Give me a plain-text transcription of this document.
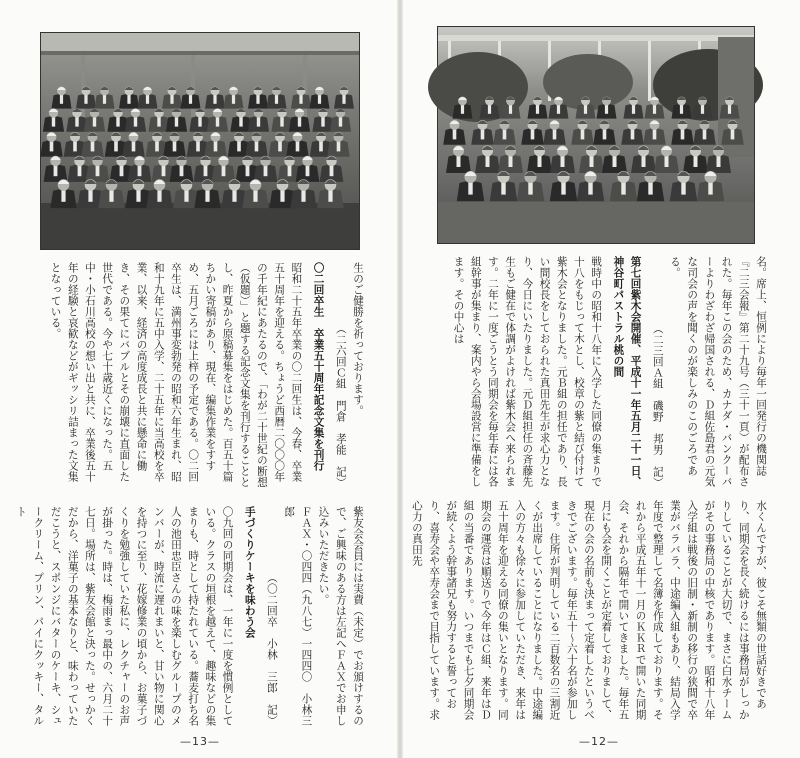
生のご健勝を祈っております。

（二六回Ｃ組　門倉　孝能　記）

〇二回卒生　卒業五十周年記念文集を刊行

昭和二十五年卒業の〇二回生は、今春、卒業五十周年を迎える。ちょうど西暦二〇〇〇年の千年紀にあたるので、「わが二十世紀の断想（仮題）」と題する記念文集を刊行することとし、昨夏から原稿募集をはじめた。百五十篇ちかい寄稿があり、現在、編集作業をすすめ、五月ごろには上梓の予定である。〇二回卒生は、満州事変勃発の昭和六年生まれ、昭和十九年に五中入学、二十五年に当高校を卒業、以来、経済の高度成長と共に懸命に働き、その果てにバブルとその崩壊に直面した世代である。今や七十歳近くになった。五中・小石川高校の想い出と共に、卒業後五十年の経験と哀歓などがギッシリ詰まった文集となっている。

紫友会会員には実費（未定）でお頒けするので、ご興味のある方は左記へＦＡＸでお申し込みいただきたい。

ＦＡＸ・〇四四（九八七）一四四〇　小林三郎

（〇二回卒　小林　三郎　記）

手づくりケーキを味わう会

〇九回の同期会は、一年に一度を慣例としている。クラスの垣根を越えて、趣味などの集まりも、時として持たれている。蕎麦打ち名人の池田忠臣さんの味を楽しむグループのメンバーが、時流に遅れまいと、甘い物に関心を持つに至り、花嫁修業の頃から、お菓子づくりを勉強していた私に、レクチャーのお声が掛った。時は、梅雨まっ最中の、六月二十七日。場所は、紫友会館と決った。せっかくだから、洋菓子の基本なりと、味わっていただこうと、スポンジにバターのケーキ、シュークリーム、プリン、パイにクッキー、タルト

—13—

名。席上、恒例により毎年一回発行の機関誌『二三会報』第二十九号（三十一頁）が配布された。毎年この会のため、カナダ・バンクーバーよりわざわざ帰国される、Ｄ組佐島君の元気な司会の声を聞くのが楽しみのこのごろである。

（二三回Ａ組　磯野　邦男　記）

第七回紫木会開催、平成十一年五月二十一日、神谷町パストラル桃の間

戦時中の昭和十八年に入学した同僚の集まりで十八をもじって木とし、校章の紫と結び付けて紫木会となりました。元Ｂ組の担任であり、長い間校長をしておられた真田先生が求心力となり、今日にいたりました。元Ｄ組担任の斉藤先生もご健在で体調がよければ紫木会へ来られます。二年に一度ごうとう同期会を毎年春には各組幹事が集まり、案内やら会場設営に準備をします。その中心は

水くんですが、彼こそ無類の世話好きであり、同期会を長く続けるには事務局がしっかりしていることが大切で、まさに白水チームがその事務局の中核であります。昭和十八年入学組は戦後の旧制・新制の移行の狭間で卒業がバラバラ、中途編入組もあり、結局入学年度で整理して名簿を作成しております。それから平成五年十一月のＫＫＲで開いた同期会、それから隔年で開いてきました。毎年五月にも会を開くことが定着しておりまして、現在の会の名前も決まって定着したというべきでございます。毎年五十～六十名が参加します。住所が判明している二百数名の三割近くが出席していることになりました。中途編入の方々も徐々に参加していただき、来年は五十周年を迎える同僚の集いとなります。同期会の運営は順送りで今年はＣ組、来年はＤ組の当番であります。いつまでも七夕同期会が続くよう幹事諸兄も努力すると誓っており、喜寿会や卒寿会まで目指しています。求心力の真田先

—12—
